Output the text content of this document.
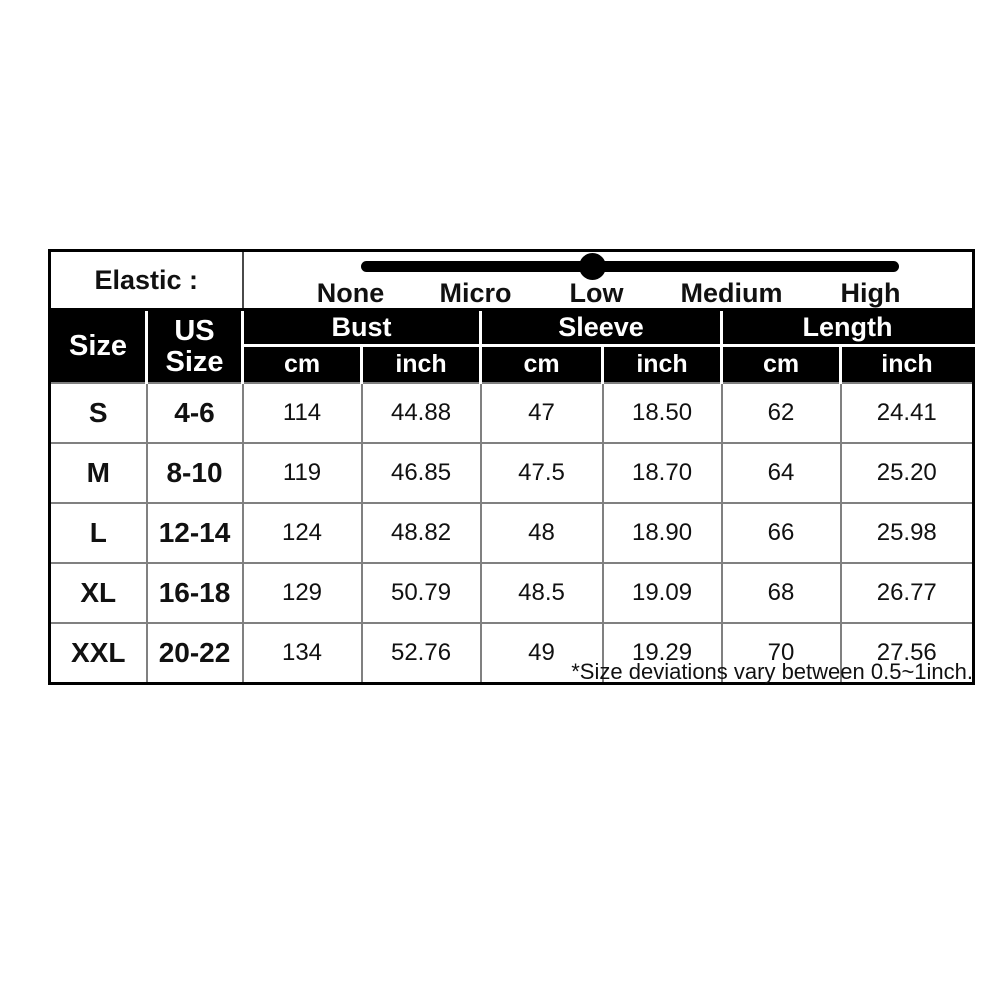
Elastic :		None Micro Low Medium High					

Size	US
Size	Bust		Sleeve		Length	
		cm	inch	cm	inch	cm	inch
S	4-6	114	44.88	47	18.50	62	24.41
M	8-10	119	46.85	47.5	18.70	64	25.20
L	12-14	124	48.82	48	18.90	66	25.98
XL	16-18	129	50.79	48.5	19.09	68	26.77
XXL	20-22	134	52.76	49	19.29	70	27.56
*Size deviations vary between 0.5~1inch.
